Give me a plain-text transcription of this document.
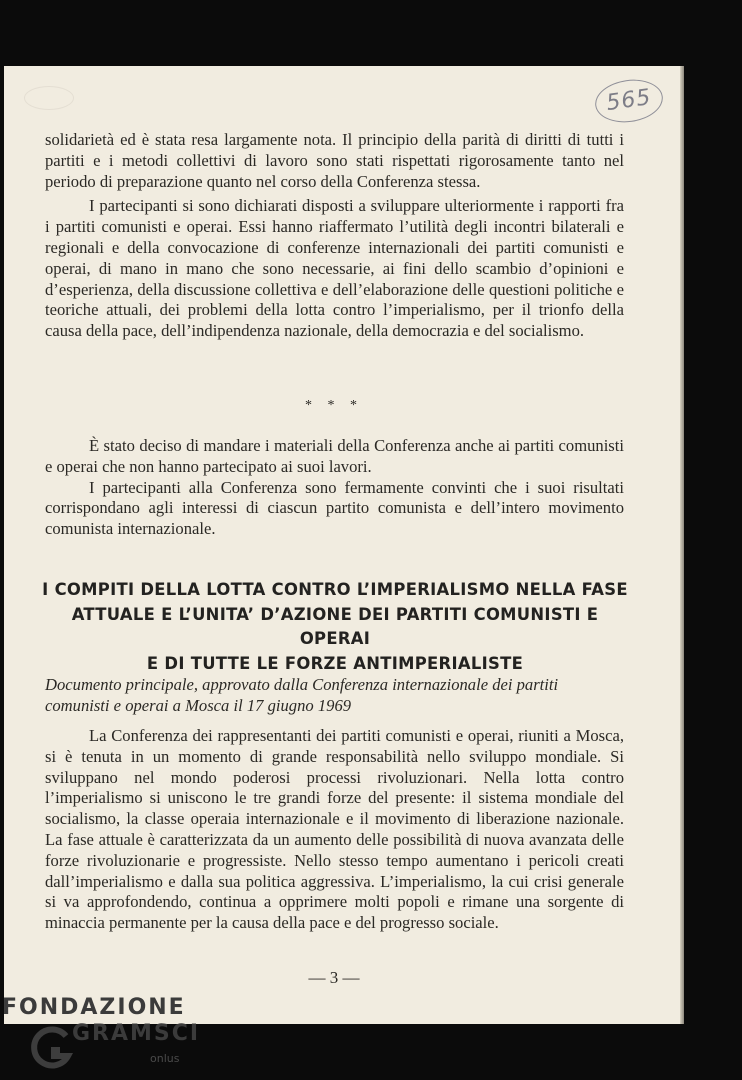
565

solidarietà ed è stata resa largamente nota. Il principio della parità di diritti di tutti i partiti e i metodi collettivi di lavoro sono stati rispettati rigorosamente tanto nel periodo di preparazione quanto nel corso della Conferenza stessa.

I partecipanti si sono dichiarati disposti a sviluppare ulteriormente i rapporti fra i partiti comunisti e operai. Essi hanno riaffermato l’utilità degli incontri bilaterali e regionali e della convocazione di conferenze internazionali dei partiti comunisti e operai, di mano in mano che sono necessarie, ai fini dello scambio d’opinioni e d’esperienza, della discussione collettiva e dell’elaborazione delle questioni politiche e teoriche attuali, dei problemi della lotta contro l’imperialismo, per il trionfo della causa della pace, dell’indipendenza nazionale, della democrazia e del socialismo.

* * *

È stato deciso di mandare i materiali della Conferenza anche ai partiti comunisti e operai che non hanno partecipato ai suoi lavori.

I partecipanti alla Conferenza sono fermamente convinti che i suoi risultati corrispondano agli interessi di ciascun partito comunista e dell’intero movimento comunista internazionale.

I COMPITI DELLA LOTTA CONTRO L’IMPERIALISMO NELLA FASE
ATTUALE E L’UNITA’ D’AZIONE DEI PARTITI COMUNISTI E OPERAI
E DI TUTTE LE FORZE ANTIMPERIALISTE
Documento principale, approvato dalla Conferenza internazionale dei partiti comunisti e operai a Mosca il 17 giugno 1969

La Conferenza dei rappresentanti dei partiti comunisti e operai, riuniti a Mosca, si è tenuta in un momento di grande responsabilità nello sviluppo mondiale. Si sviluppano nel mondo poderosi processi rivoluzionari. Nella lotta contro l’imperialismo si uniscono le tre grandi forze del presente: il sistema mondiale del socialismo, la classe operaia internazionale e il movimento di liberazione nazionale. La fase attuale è caratterizzata da un aumento delle possibilità di nuova avanzata delle forze rivoluzionarie e progressiste. Nello stesso tempo aumentano i pericoli creati dall’imperialismo e dalla sua politica aggressiva. L’imperialismo, la cui crisi generale si va approfondendo, continua a opprimere molti popoli e rimane una sorgente di minaccia permanente per la causa della pace e del progresso sociale.

— 3 —
FONDAZIONE
GRAMSCI
onlus
